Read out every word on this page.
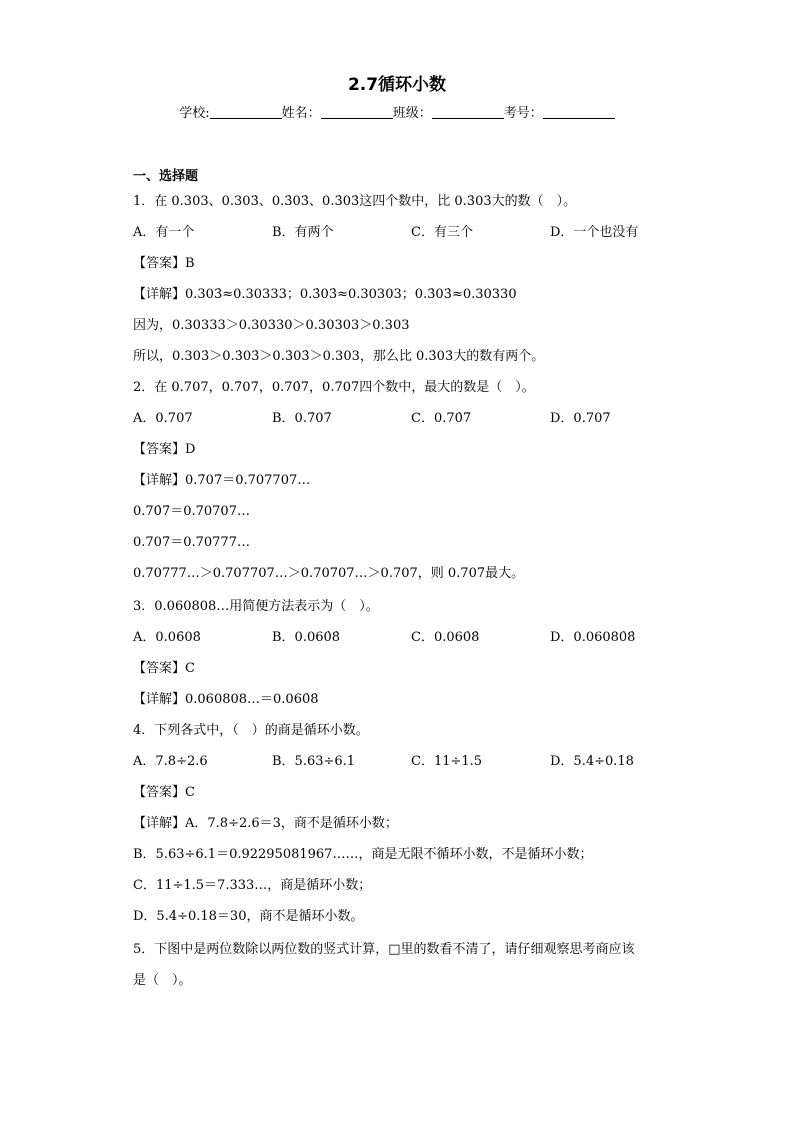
2.7循环小数
学校:	姓名：	班级：	考号：
一、选择题
1．在 0.303、0.303̇、0.3̇03̇、0.3̇03̇这四个数中，比 0.3̇03̇大的数（　）。
A．有一个	B．有两个	C．有三个	D．一个也没有
【答案】B
【详解】0.303̇≈0.30333；0.3̇03̇≈0.30303；0.3̇03̇≈0.30330
因为，0.30333＞0.30330＞0.30303＞0.303
所以，0.303̇＞0.3̇03̇＞0.3̇03̇＞0.303，那么比 0.3̇03̇大的数有两个。
2．在 0.707，0.7̇07̇，0.70̇7̇，0.707̇四个数中，最大的数是（　）。
A．0.707	B．0.7̇07̇	C．0.70̇7̇	D．0.707̇
【答案】D
【详解】0.7̇07̇＝0.707707…
0.70̇7̇＝0.70707…
0.707̇＝0.70777…
0.70777…＞0.707707…＞0.70707…＞0.707，则 0.707̇最大。
3．0.060808…用简便方法表示为（　）。
A．0.06̇08̇	B．0.060̇8̇	C．0.060̇8̇	D．0.06080̇8̇
【答案】C
【详解】0.060808…＝0.060̇8̇
4．下列各式中，（　）的商是循环小数。
A．7.8÷2.6	B．5.63÷6.1	C．11÷1.5	D．5.4÷0.18
【答案】C
【详解】A．7.8÷2.6＝3，商不是循环小数；
B．5.63÷6.1＝0.92295081967……，商是无限不循环小数，不是循环小数；
C．11÷1.5＝7.333…，商是循环小数；
D．5.4÷0.18＝30，商不是循环小数。
5．下图中是两位数除以两位数的竖式计算，□里的数看不清了，请仔细观察思考商应该
是（　）。
